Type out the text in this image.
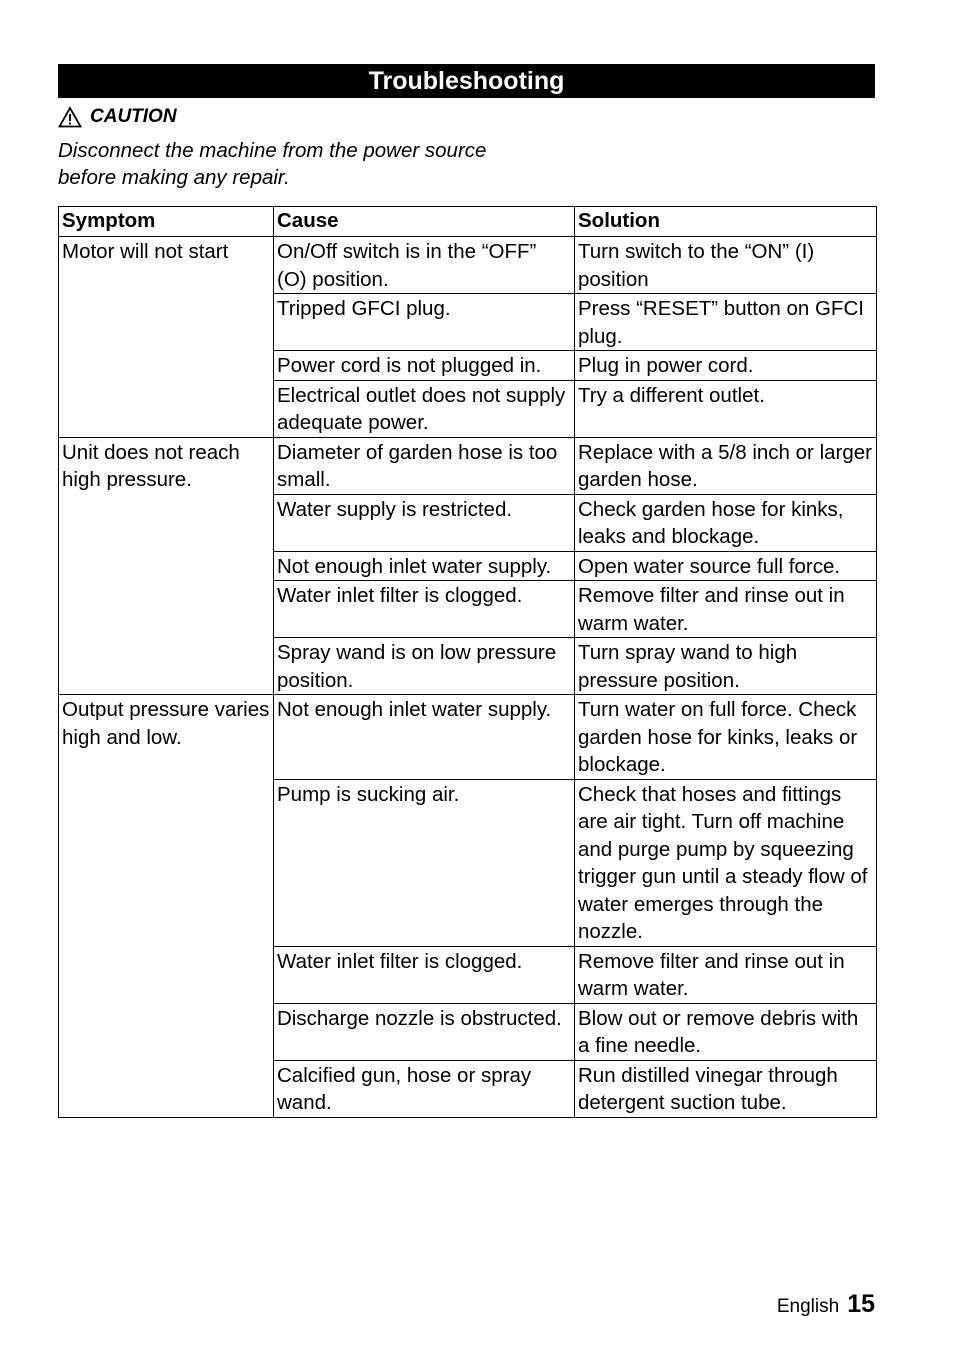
Troubleshooting
CAUTION
Disconnect the machine from the power source before making any repair.
Symptom	Cause	Solution
Motor will not start	On/Off switch is in the “OFF” (O) position.	Turn switch to the “ON” (I) position
	Tripped GFCI plug.	Press “RESET” button on GFCI plug.
	Power cord is not plugged in.	Plug in power cord.
	Electrical outlet does not supply adequate power.	Try a different outlet.
Unit does not reach high pressure.	Diameter of garden hose is too small.	Replace with a 5/8 inch or larger garden hose.
	Water supply is restricted.	Check garden hose for kinks, leaks and blockage.
	Not enough inlet water supply.	Open water source full force.
	Water inlet filter is clogged.	Remove filter and rinse out in warm water.
	Spray wand is on low pressure position.	Turn spray wand to high pressure position.
Output pressure varies high and low.	Not enough inlet water supply.	Turn water on full force. Check garden hose for kinks, leaks or blockage.
	Pump is sucking air.	Check that hoses and fittings are air tight. Turn off machine and purge pump by squeezing trigger gun until a steady flow of water emerges through the nozzle.
	Water inlet filter is clogged.	Remove filter and rinse out in warm water.
	Discharge nozzle is obstructed.	Blow out or remove debris with a fine needle.
	Calcified gun, hose or spray wand.	Run distilled vinegar through detergent suction tube.
English 15
